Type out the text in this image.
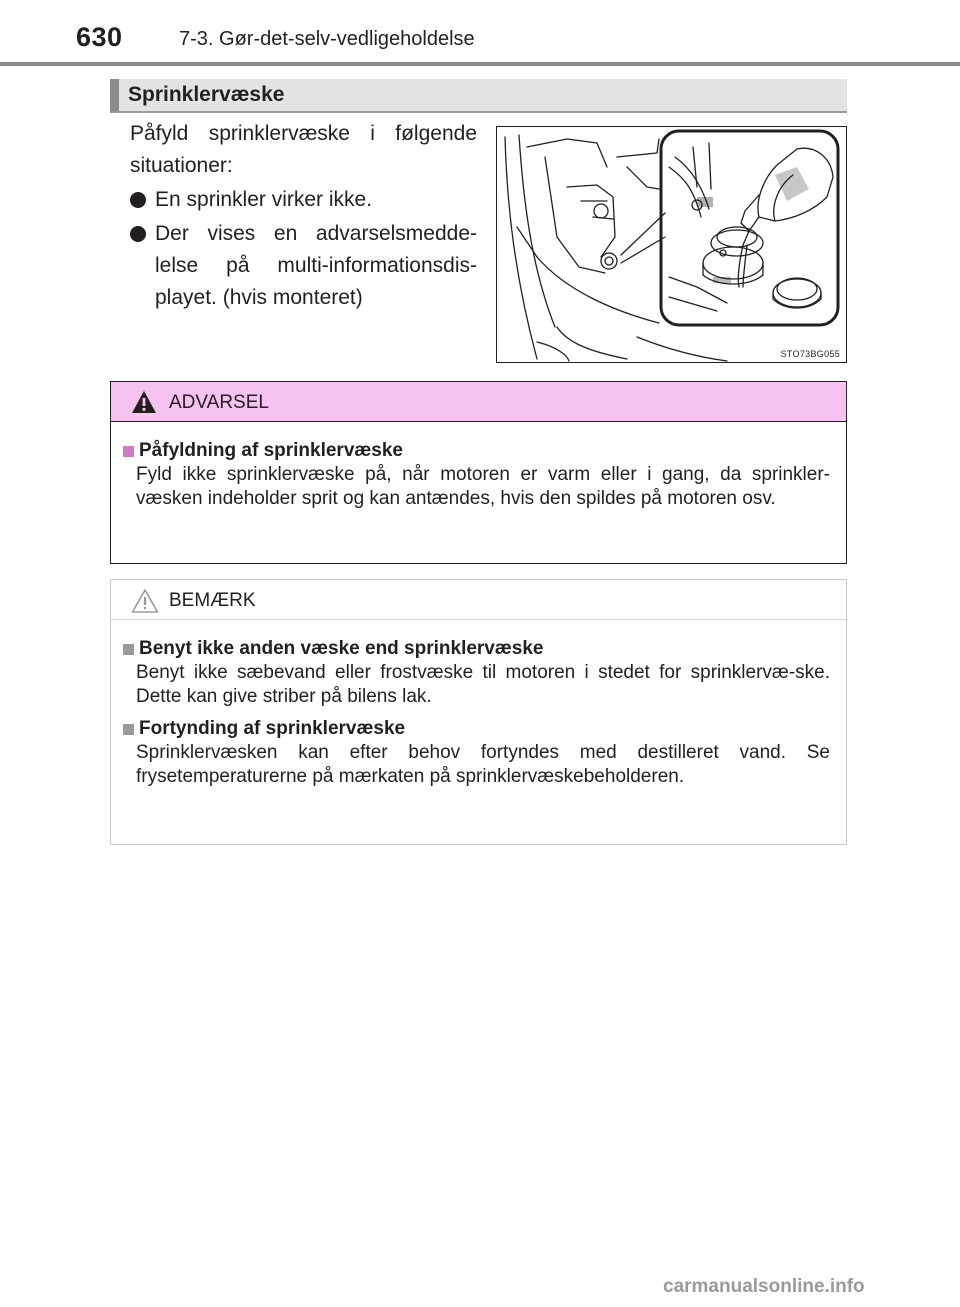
630	7-3. Gør-det-selv-vedligeholdelse
Sprinklervæske

Påfyld sprinklervæske i følgende situationer:

En sprinkler virker ikke.
Der vises en advarselsmedde-lelse på multi-informationsdis-playet. (hvis monteret)
STO73BG055
ADVARSEL
Påfyldning af sprinklervæske
Fyld ikke sprinklervæske på, når motoren er varm eller i gang, da sprinkler-væsken indeholder sprit og kan antændes, hvis den spildes på motoren osv.
BEMÆRK
Benyt ikke anden væske end sprinklervæske
Benyt ikke sæbevand eller frostvæske til motoren i stedet for sprinklervæ-ske. Dette kan give striber på bilens lak.
Fortynding af sprinklervæske
Sprinklervæsken kan efter behov fortyndes med destilleret vand. Se frysetemperaturerne på mærkaten på sprinklervæskebeholderen.
carmanualsonline.info
